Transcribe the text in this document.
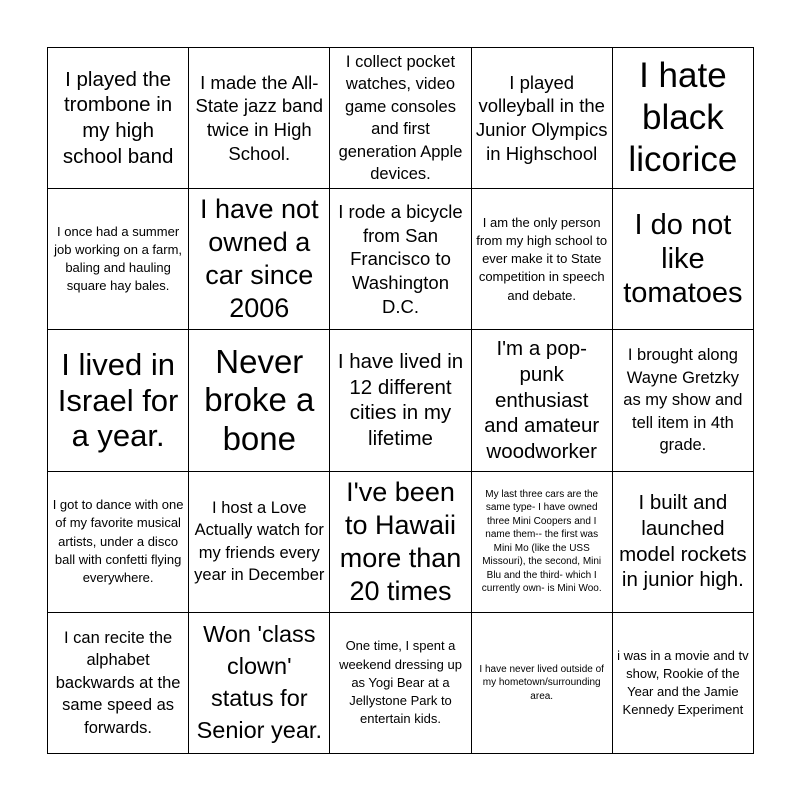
I played the trombone in my high school band
I made the All-State jazz band twice in High School.
I collect pocket watches, video game consoles and first generation Apple devices.
I played volleyball in the Junior Olympics in Highschool
I hate black licorice
I once had a summer job working on a farm, baling and hauling square hay bales.
I have not owned a car since 2006
I rode a bicycle from San Francisco to Washington D.C.
I am the only person from my high school to ever make it to State competition in speech and debate.
I do not like tomatoes
I lived in Israel for a year.
Never broke a bone
I have lived in 12 different cities in my lifetime
I'm a pop-punk enthusiast and amateur woodworker
I brought along Wayne Gretzky as my show and tell item in 4th grade.
I got to dance with one of my favorite musical artists, under a disco ball with confetti flying everywhere.
I host a Love Actually watch for my friends every year in December
I've been to Hawaii more than 20 times
My last three cars are the same type- I have owned three Mini Coopers and I name them-- the first was Mini Mo (like the USS Missouri), the second, Mini Blu and the third- which I currently own- is Mini Woo.
I built and launched model rockets in junior high.
I can recite the alphabet backwards at the same speed as forwards.
Won 'class clown' status for Senior year.
One time, I spent a weekend dressing up as Yogi Bear at a Jellystone Park to entertain kids.
I have never lived outside of my hometown/surrounding area.
i was in a movie and tv show, Rookie of the Year and the Jamie Kennedy Experiment
